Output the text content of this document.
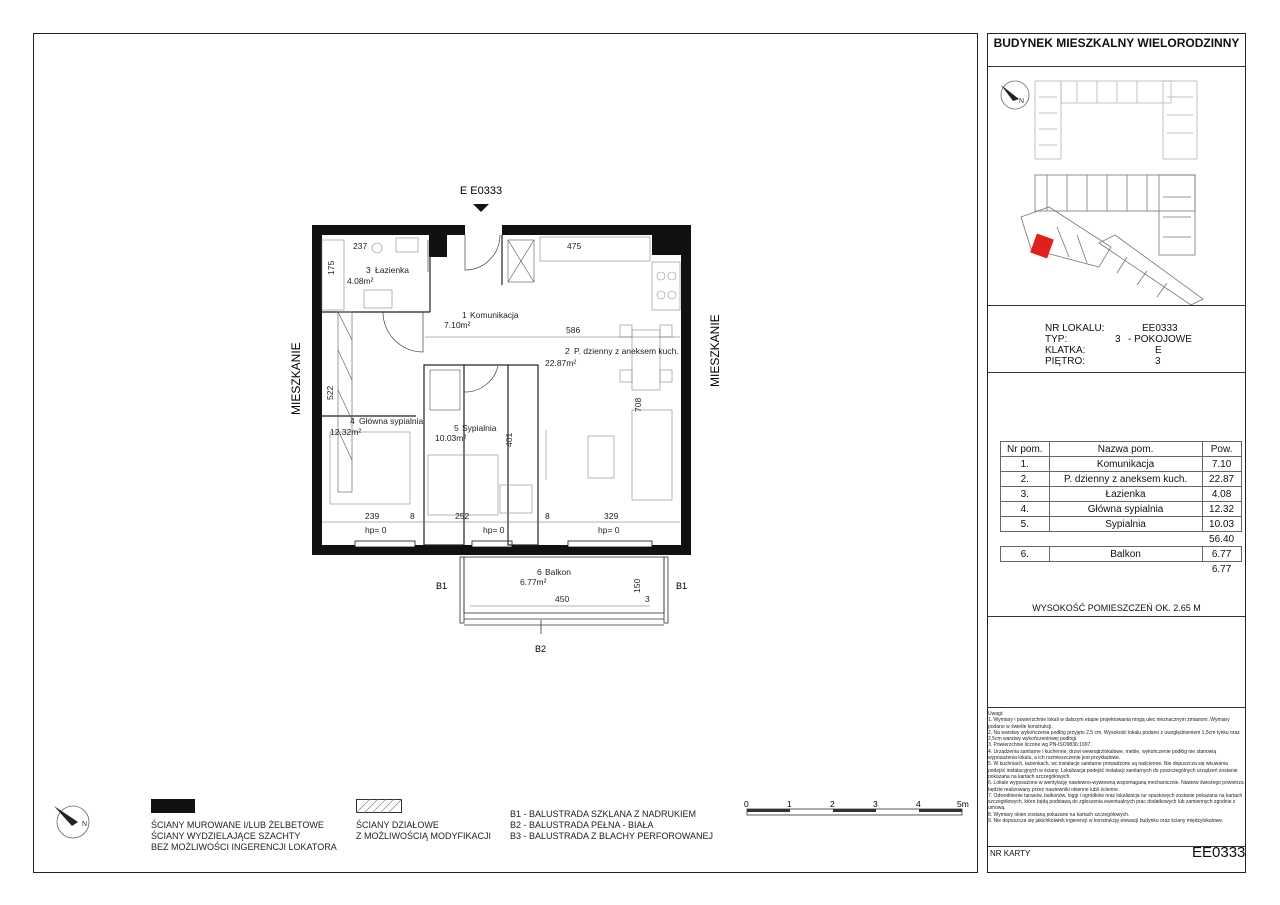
BUDYNEK MIESZKALNY WIELORODZINNY
N
NR LOKALU:	EE0333
TYP:	3 - POKOJOWE
KLATKA:	E
PIĘTRO:	3
Nr pom.	Nazwa pom.	Pow.
1.	Komunikacja	7.10
2.	P. dzienny z aneksem kuch.	22.87
3.	Łazienka	4.08
4.	Główna sypialnia	12.32
5.	Sypialnia	10.03
		56.40
6.	Balkon	6.77
		6.77
WYSOKOŚĆ POMIESZCZEŃ OK. 2.65 M
Uwagi:
1. Wymiary i powierzchnie lokali w dalszym etapie projektowania mogą ulec nieznacznym zmianom. Wymiary podano w świetle konstrukcji.
2. Na warstwy wykończenia podłóg przyjęto 2,5 cm. Wysokość lokalu podano z uwzględnieniem 1,5cm tynku oraz 2,5cm warstwy wykończeniowej podłogi.
3. Powierzchnie liczone wg PN-ISO9836:1997.
4. Urządzenia sanitarne i kuchenne, drzwi wewnątrzlokalowe, meble, wykończenie podłóg nie stanowią wyposażenia lokalu, a ich rozmieszczenie jest przykładowe.
5. W kuchniach, łazienkach, wc instalacje sanitarne prowadzone są naścienne. Nie dopuszcza się wkuwania podejść instalacyjnych w ściany. Lokalizacja podejść instalacji sanitarnych do poszczególnych urządzeń zostanie pokazana na kartach szczegółowych.
6. Lokale wyposażone w wentylację nawiewno-wywiewną wspomaganą mechanicznie. Nawiew świeżego powietrza będzie realizowany przez nawiewniki okienne lub/i ścienne.
7. Odwodnienie tarasów, balkonów, loggi i ogródków oraz lokalizacja rur spustowych zostanie pokazana na kartach szczegółowych, które będą podstawą do zgłoszenia ewentualnych prac dodatkowych lub zamiennych zgodnie z umową.
8. Wymiary okien zostaną pokazane na kartach szczegółowych.
9. Nie dopuszcza się jakichkolwiek ingerencji w konstrukcję elewacji budynku oraz ściany międzylokalowe.
NR KARTY	EE0333
E E0333
1 Komunikacja
7.10m²
2 P. dzienny z aneksem kuch.
22.87m²
3 Łazienka
4.08m²
4 Główna sypialnia
12.32m²	5 Sypialnia
10.03m²
6 Balkon
6.77m²
237
175
475
586
522
708
401
239	8	252	8	329
450
150
3
hp= 0	hp= 0	hp= 0
B1	B1
B2
MIESZKANIE	MIESZKANIE
N	ŚCIANY MUROWANE I/LUB ŻELBETOWE
ŚCIANY WYDZIELAJĄCE SZACHTY
BEZ MOŻLIWOŚCI INGERENCJI LOKATORA
ŚCIANY DZIAŁOWE
Z MOŻLIWOŚCIĄ MODYFIKACJI
B1 - BALUSTRADA SZKLANA Z NADRUKIEM
B2 - BALUSTRADA PEŁNA - BIAŁA
B3 - BALUSTRADA Z BLACHY PERFOROWANEJ
0	1	2	3	4	5m
